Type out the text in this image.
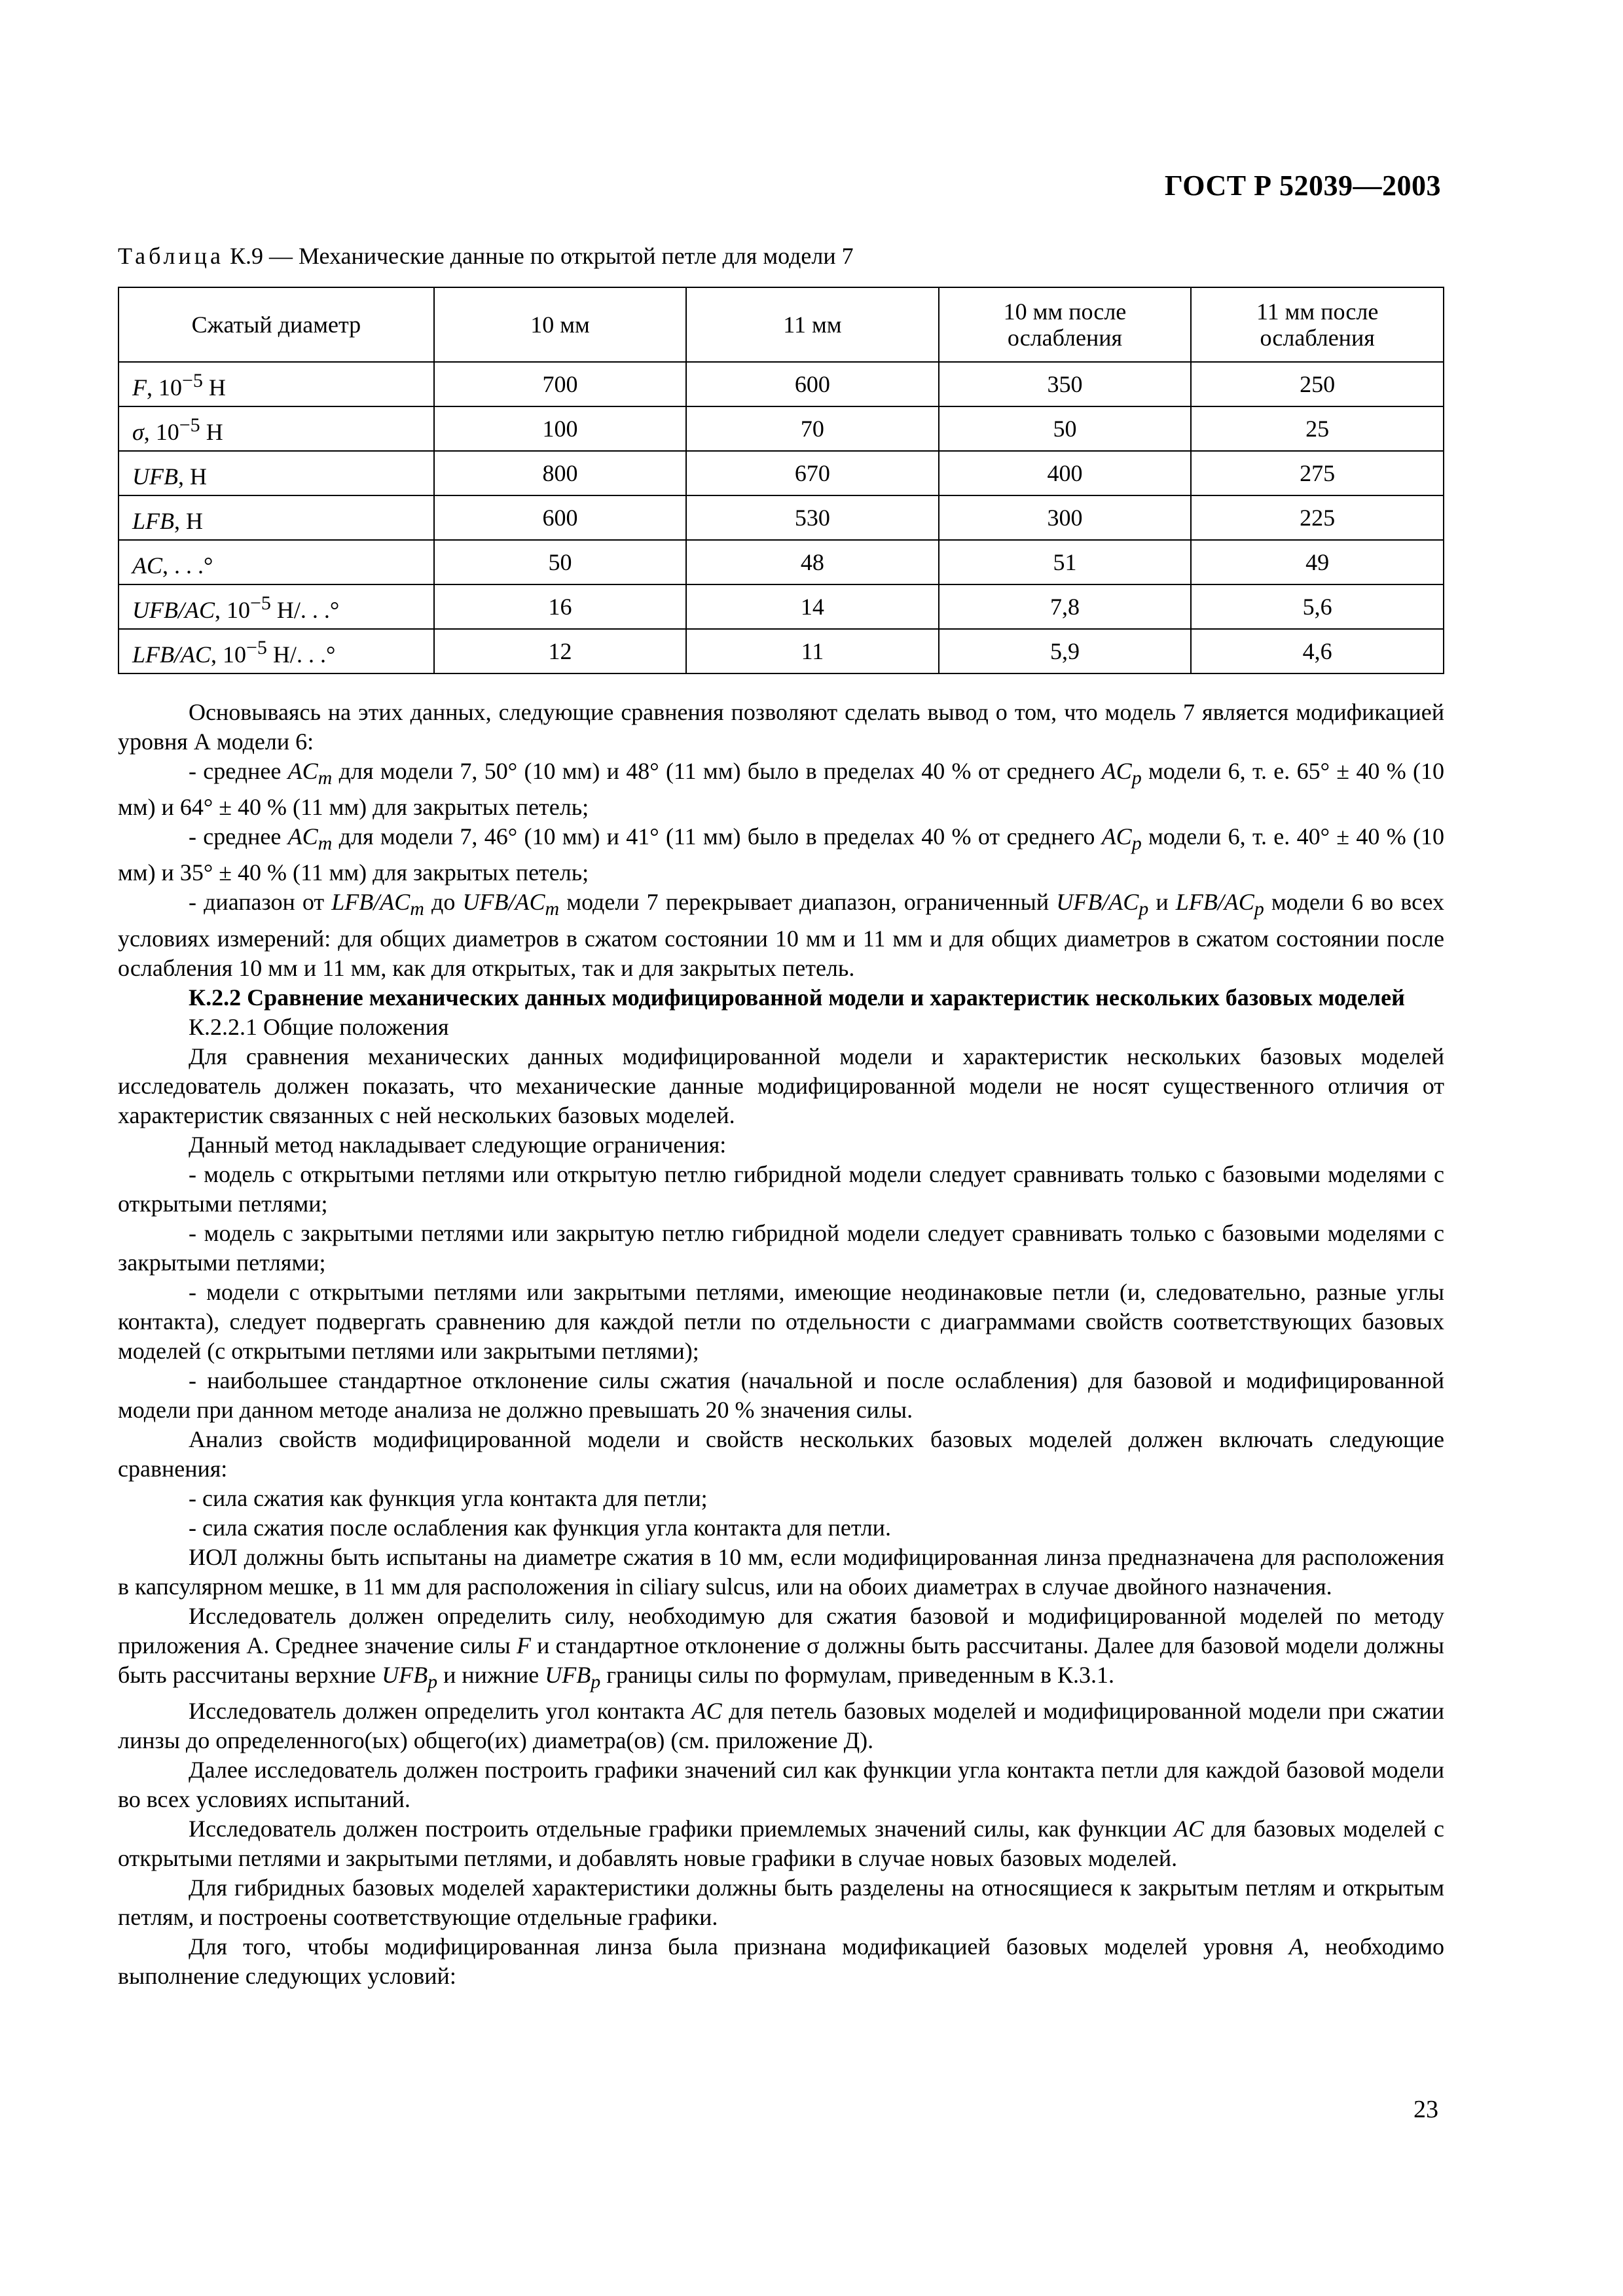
ГОСТ Р 52039—2003
Таблица К.9 — Механические данные по открытой петле для модели 7
Сжатый диаметр	10 мм	11 мм	10 мм после ослабления	11 мм после ослабления
F, $10^{-5}$ Н	700	600	350	250
σ, $10^{-5}$ Н	100	70	50	25
UFB, Н	800	670	400	275
LFB, Н	600	530	300	225
AC, . . .°	50	48	51	49
UFB/AC, $10^{-5}$ Н/. . .°	16	14	7,8	5,6
LFB/AC, $10^{-5}$ Н/. . .°	12	11	5,9	4,6

Основываясь на этих данных, следующие сравнения позволяют сделать вывод о том, что модель 7 является модификацией уровня А модели 6:

- среднее $AC_m$ для модели 7, 50° (10 мм) и 48° (11 мм) было в пределах 40 % от среднего $AC_p$ модели 6, т. е. 65° ± 40 % (10 мм) и 64° ± 40 % (11 мм) для закрытых петель;

- среднее $AC_m$ для модели 7, 46° (10 мм) и 41° (11 мм) было в пределах 40 % от среднего $AC_p$ модели 6, т. е. 40° ± 40 % (10 мм) и 35° ± 40 % (11 мм) для закрытых петель;

- диапазон от LFB/$AC_m$ до UFB/$AC_m$ модели 7 перекрывает диапазон, ограниченный UFB/$AC_p$ и LFB/$AC_p$ модели 6 во всех условиях измерений: для общих диаметров в сжатом состоянии 10 мм и 11 мм и для общих диаметров в сжатом состоянии после ослабления 10 мм и 11 мм, как для открытых, так и для закрытых петель.

К.2.2 Сравнение механических данных модифицированной модели и характеристик нескольких базовых моделей

К.2.2.1 Общие положения

Для сравнения механических данных модифицированной модели и характеристик нескольких базовых моделей исследователь должен показать, что механические данные модифицированной модели не носят существенного отличия от характеристик связанных с ней нескольких базовых моделей.

Данный метод накладывает следующие ограничения:

- модель с открытыми петлями или открытую петлю гибридной модели следует сравнивать только с базовыми моделями с открытыми петлями;

- модель с закрытыми петлями или закрытую петлю гибридной модели следует сравнивать только с базовыми моделями с закрытыми петлями;

- модели с открытыми петлями или закрытыми петлями, имеющие неодинаковые петли (и, следовательно, разные углы контакта), следует подвергать сравнению для каждой петли по отдельности с диаграммами свойств соответствующих базовых моделей (с открытыми петлями или закрытыми петлями);

- наибольшее стандартное отклонение силы сжатия (начальной и после ослабления) для базовой и модифицированной модели при данном методе анализа не должно превышать 20 % значения силы.

Анализ свойств модифицированной модели и свойств нескольких базовых моделей должен включать следующие сравнения:

- сила сжатия как функция угла контакта для петли;

- сила сжатия после ослабления как функция угла контакта для петли.

ИОЛ должны быть испытаны на диаметре сжатия в 10 мм, если модифицированная линза предназначена для расположения в капсулярном мешке, в 11 мм для расположения in ciliary sulcus, или на обоих диаметрах в случае двойного назначения.

Исследователь должен определить силу, необходимую для сжатия базовой и модифицированной моделей по методу приложения А. Среднее значение силы F и стандартное отклонение σ должны быть рассчитаны. Далее для базовой модели должны быть рассчитаны верхние $UFB_p$ и нижние $UFB_p$ границы силы по формулам, приведенным в К.3.1.

Исследователь должен определить угол контакта AC для петель базовых моделей и модифицированной модели при сжатии линзы до определенного(ых) общего(их) диаметра(ов) (см. приложение Д).

Далее исследователь должен построить графики значений сил как функции угла контакта петли для каждой базовой модели во всех условиях испытаний.

Исследователь должен построить отдельные графики приемлемых значений силы, как функции AC для базовых моделей с открытыми петлями и закрытыми петлями, и добавлять новые графики в случае новых базовых моделей.

Для гибридных базовых моделей характеристики должны быть разделены на относящиеся к закрытым петлям и открытым петлям, и построены соответствующие отдельные графики.

Для того, чтобы модифицированная линза была признана модификацией базовых моделей уровня А, необходимо выполнение следующих условий:

23
